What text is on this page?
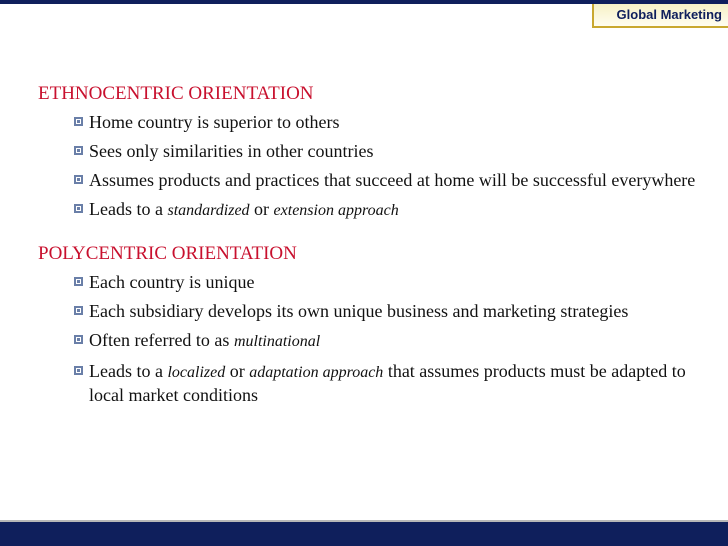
Global Marketing
ETHNOCENTRIC ORIENTATION
Home country is superior to others
Sees only similarities in other countries
Assumes products and practices that succeed at home will be successful everywhere
Leads to a standardized or extension approach
POLYCENTRIC ORIENTATION
Each country is unique
Each subsidiary develops its own unique business and marketing strategies
Often referred to as multinational
Leads to a localized or adaptation approach that assumes products must be adapted to local market conditions
